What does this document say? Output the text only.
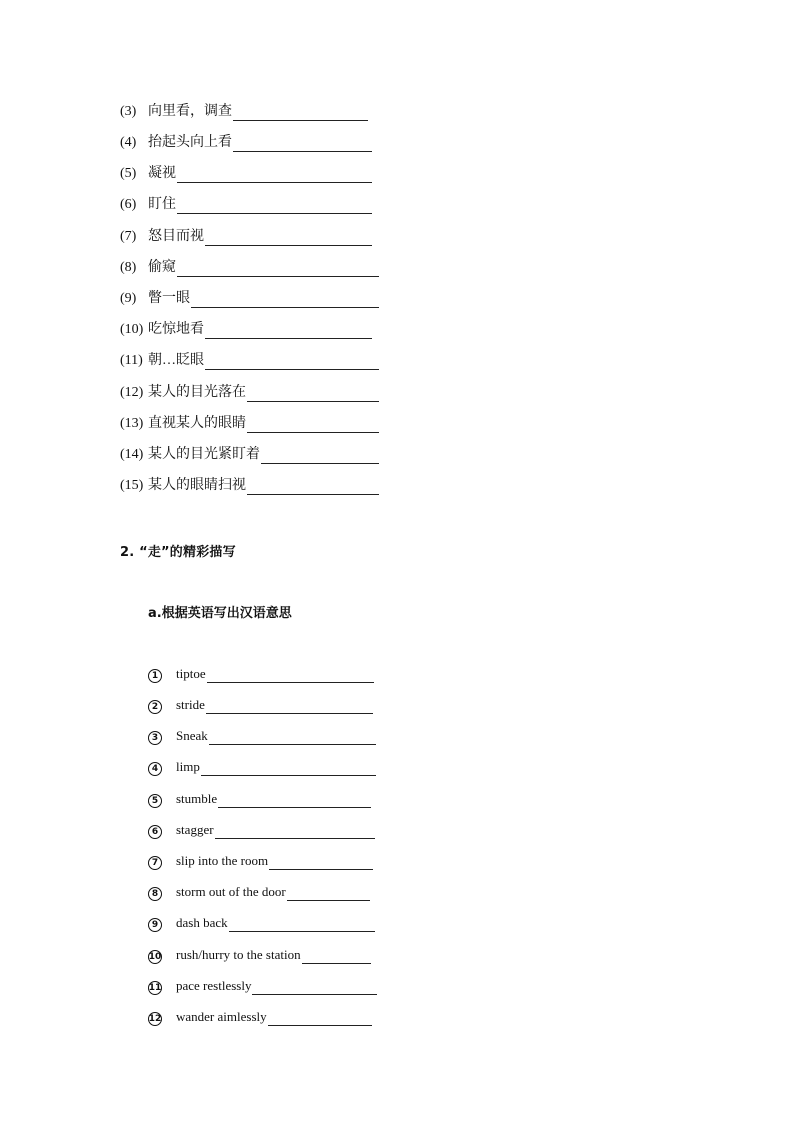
(3) 向里看，调查
(4) 抬起头向上看
(5) 凝视
(6) 盯住
(7) 怒目而视
(8) 偷窥
(9) 瞥一眼
(10) 吃惊地看
(11) 朝…眨眼
(12) 某人的目光落在
(13) 直视某人的眼睛
(14) 某人的目光紧盯着
(15) 某人的眼睛扫视
2. “走”的精彩描写
a.根据英语写出汉语意思
1 tiptoe
2 stride
3 Sneak
4 limp
5 stumble
6 stagger
7 slip into the room
8 storm out of the door
9 dash back
10 rush/hurry to the station
11 pace restlessly
12 wander aimlessly
